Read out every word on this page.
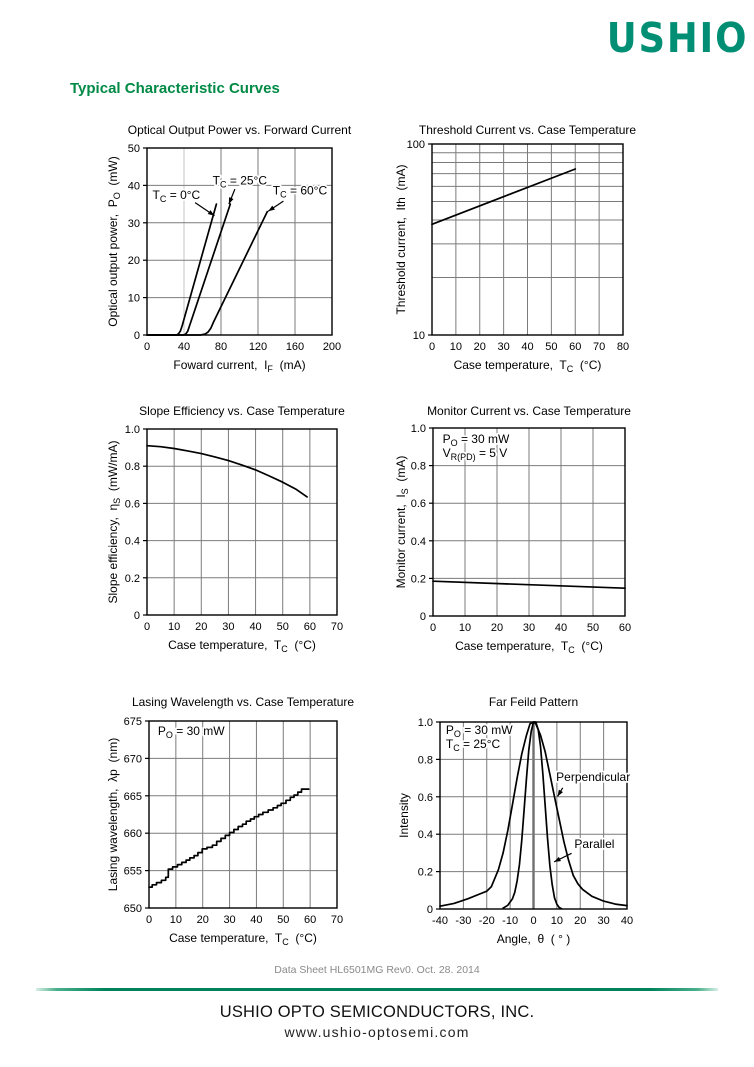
USHIO
Typical Characteristic Curves
0	40 80 120 160 200
0
10
20
30
40
50
Optical Output Power vs. Forward Current
Foward current,  $I_F$  (mA)
Optical output power,  $P_O$  (mW)
$T_C = 0^\circ C$
$T_C = 25^\circ C$
$T_C = 60^\circ C$
0 10 20 30 40 50 60 70 80
10
100
Threshold Current vs. Case Temperature
Case temperature,  $T_C$  (°C)
Threshold current,  Ith  (mA)
0 10 20 30 40 50 60 70
0
0.2
0.4
0.6
0.8
1.0
Slope Efficiency vs. Case Temperature
Case temperature,  $T_C$  (°C)
Slope efficiency,  $\eta_S$  (mW/mA)
0 10 20 30 40 50 60
0
0.2
0.4
0.6
0.8
1.0
Monitor Current vs. Case Temperature
Case temperature,  $T_C$  (°C)
Monitor current,  $I_S$  (mA)
$P_O = 30$ mW
$V_{R(PD)} = 5$ V
0 10 20 30 40 50 60 70
650
655
660
665
670
675
Lasing Wavelength vs. Case Temperature
Case temperature,  $T_C$  (°C)
Lasing wavelength,  λp  (nm)
$P_O = 30$ mW
-40 -30 -20 -10 0 10 20 30 40
0
0.2
0.4
0.6
0.8
1.0
Far Feild Pattern
Angle,  θ  ( ° )
Intensity
$P_O = 30$ mW
$T_C = 25^\circ C$
Perpendicular
Parallel
Data Sheet HL6501MG Rev0. Oct. 28. 2014
USHIO OPTO SEMICONDUCTORS, INC.
www.ushio-optosemi.com
